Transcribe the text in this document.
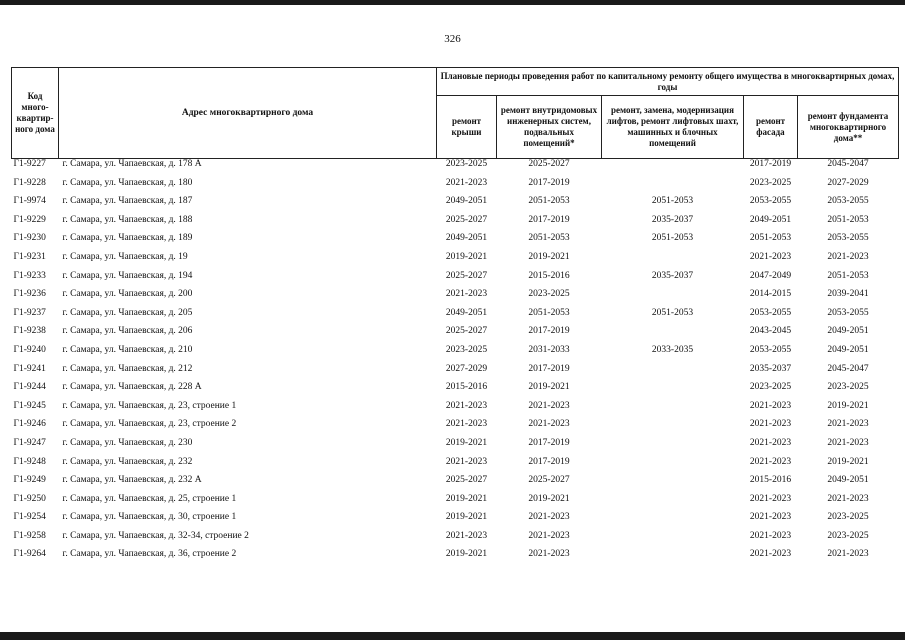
326
Код много-квартир-ного дома	Адрес многоквартирного дома	Плановые периоды проведения работ по капитальному ремонту общего имущества в многоквартирных домах, годы				
		ремонт крыши	ремонт внутридомовых инженерных систем, подвальных помещений*	ремонт, замена, модернизация лифтов, ремонт лифтовых шахт, машинных и блочных помещений	ремонт фасада	ремонт фундамента многоквартирного дома**
Г1-9227	г. Самара, ул. Чапаевская, д. 178 А	2023-2025	2025-2027		2017-2019	2045-2047
Г1-9228	г. Самара, ул. Чапаевская, д. 180	2021-2023	2017-2019		2023-2025	2027-2029
Г1-9974	г. Самара, ул. Чапаевская, д. 187	2049-2051	2051-2053	2051-2053	2053-2055	2053-2055
Г1-9229	г. Самара, ул. Чапаевская, д. 188	2025-2027	2017-2019	2035-2037	2049-2051	2051-2053
Г1-9230	г. Самара, ул. Чапаевская, д. 189	2049-2051	2051-2053	2051-2053	2051-2053	2053-2055
Г1-9231	г. Самара, ул. Чапаевская, д. 19	2019-2021	2019-2021		2021-2023	2021-2023
Г1-9233	г. Самара, ул. Чапаевская, д. 194	2025-2027	2015-2016	2035-2037	2047-2049	2051-2053
Г1-9236	г. Самара, ул. Чапаевская, д. 200	2021-2023	2023-2025		2014-2015	2039-2041
Г1-9237	г. Самара, ул. Чапаевская, д. 205	2049-2051	2051-2053	2051-2053	2053-2055	2053-2055
Г1-9238	г. Самара, ул. Чапаевская, д. 206	2025-2027	2017-2019		2043-2045	2049-2051
Г1-9240	г. Самара, ул. Чапаевская, д. 210	2023-2025	2031-2033	2033-2035	2053-2055	2049-2051
Г1-9241	г. Самара, ул. Чапаевская, д. 212	2027-2029	2017-2019		2035-2037	2045-2047
Г1-9244	г. Самара, ул. Чапаевская, д. 228 А	2015-2016	2019-2021		2023-2025	2023-2025
Г1-9245	г. Самара, ул. Чапаевская, д. 23, строение 1	2021-2023	2021-2023		2021-2023	2019-2021
Г1-9246	г. Самара, ул. Чапаевская, д. 23, строение 2	2021-2023	2021-2023		2021-2023	2021-2023
Г1-9247	г. Самара, ул. Чапаевская, д. 230	2019-2021	2017-2019		2021-2023	2021-2023
Г1-9248	г. Самара, ул. Чапаевская, д. 232	2021-2023	2017-2019		2021-2023	2019-2021
Г1-9249	г. Самара, ул. Чапаевская, д. 232 А	2025-2027	2025-2027		2015-2016	2049-2051
Г1-9250	г. Самара, ул. Чапаевская, д. 25, строение 1	2019-2021	2019-2021		2021-2023	2021-2023
Г1-9254	г. Самара, ул. Чапаевская, д. 30, строение 1	2019-2021	2021-2023		2021-2023	2023-2025
Г1-9258	г. Самара, ул. Чапаевская, д. 32-34, строение 2	2021-2023	2021-2023		2021-2023	2023-2025
Г1-9264	г. Самара, ул. Чапаевская, д. 36, строение 2	2019-2021	2021-2023		2021-2023	2021-2023
